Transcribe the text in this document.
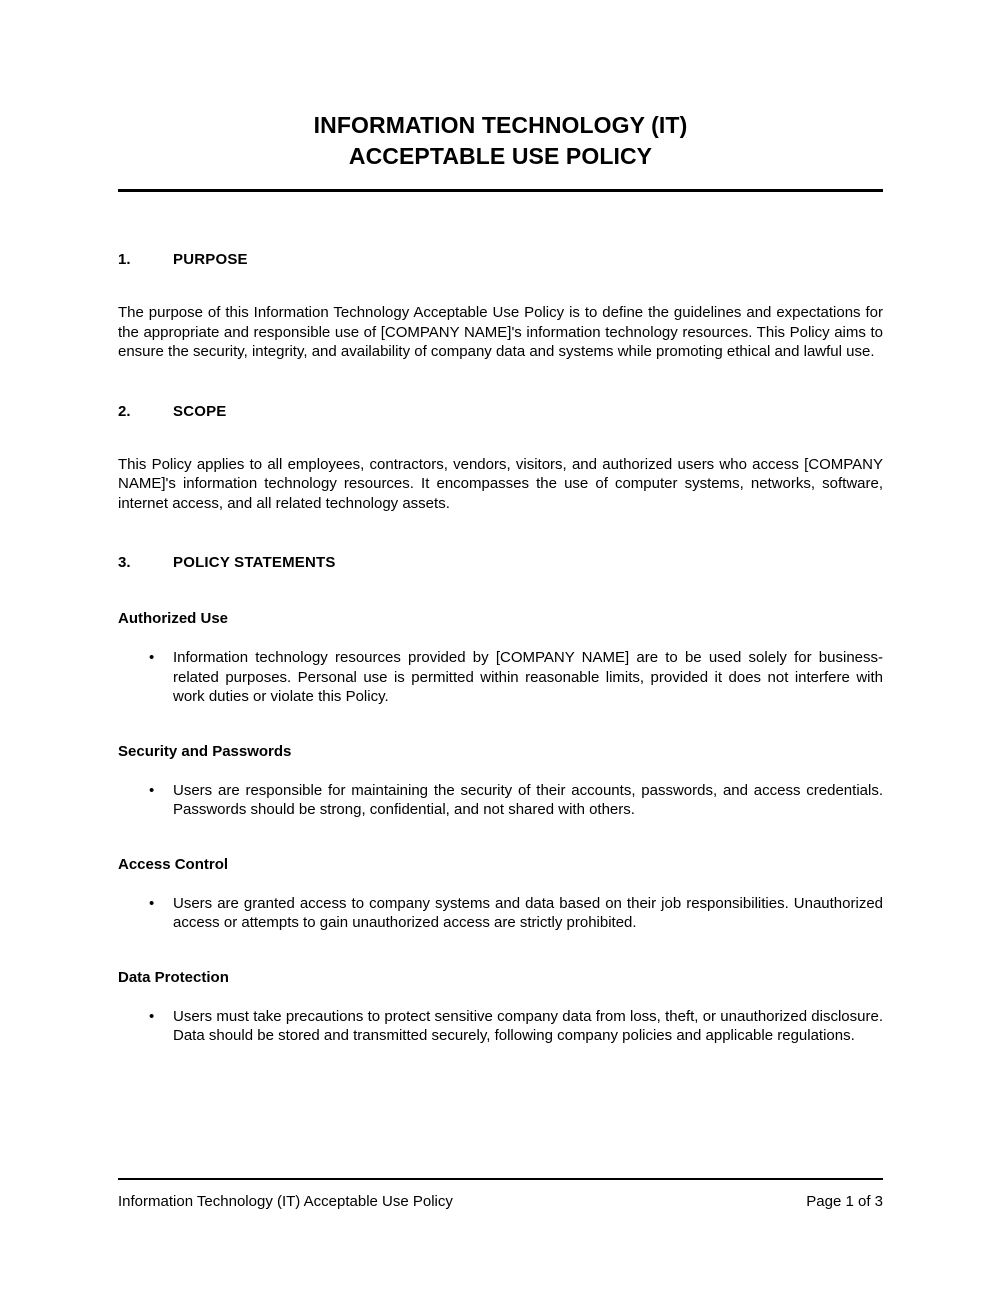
INFORMATION TECHNOLOGY (IT)
ACCEPTABLE USE POLICY
1.	PURPOSE

The purpose of this Information Technology Acceptable Use Policy is to define the guidelines and expectations for the appropriate and responsible use of [COMPANY NAME]'s information technology resources. This Policy aims to ensure the security, integrity, and availability of company data and systems while promoting ethical and lawful use.

2.	SCOPE

This Policy applies to all employees, contractors, vendors, visitors, and authorized users who access [COMPANY NAME]'s information technology resources. It encompasses the use of computer systems, networks, software, internet access, and all related technology assets.

3.	POLICY STATEMENTS

Authorized Use

• Information technology resources provided by [COMPANY NAME] are to be used solely for business-related purposes. Personal use is permitted within reasonable limits, provided it does not interfere with work duties or violate this Policy.

Security and Passwords

• Users are responsible for maintaining the security of their accounts, passwords, and access credentials. Passwords should be strong, confidential, and not shared with others.

Access Control

• Users are granted access to company systems and data based on their job responsibilities. Unauthorized access or attempts to gain unauthorized access are strictly prohibited.

Data Protection

• Users must take precautions to protect sensitive company data from loss, theft, or unauthorized disclosure. Data should be stored and transmitted securely, following company policies and applicable regulations.
Information Technology (IT) Acceptable Use Policy	Page 1 of 3
